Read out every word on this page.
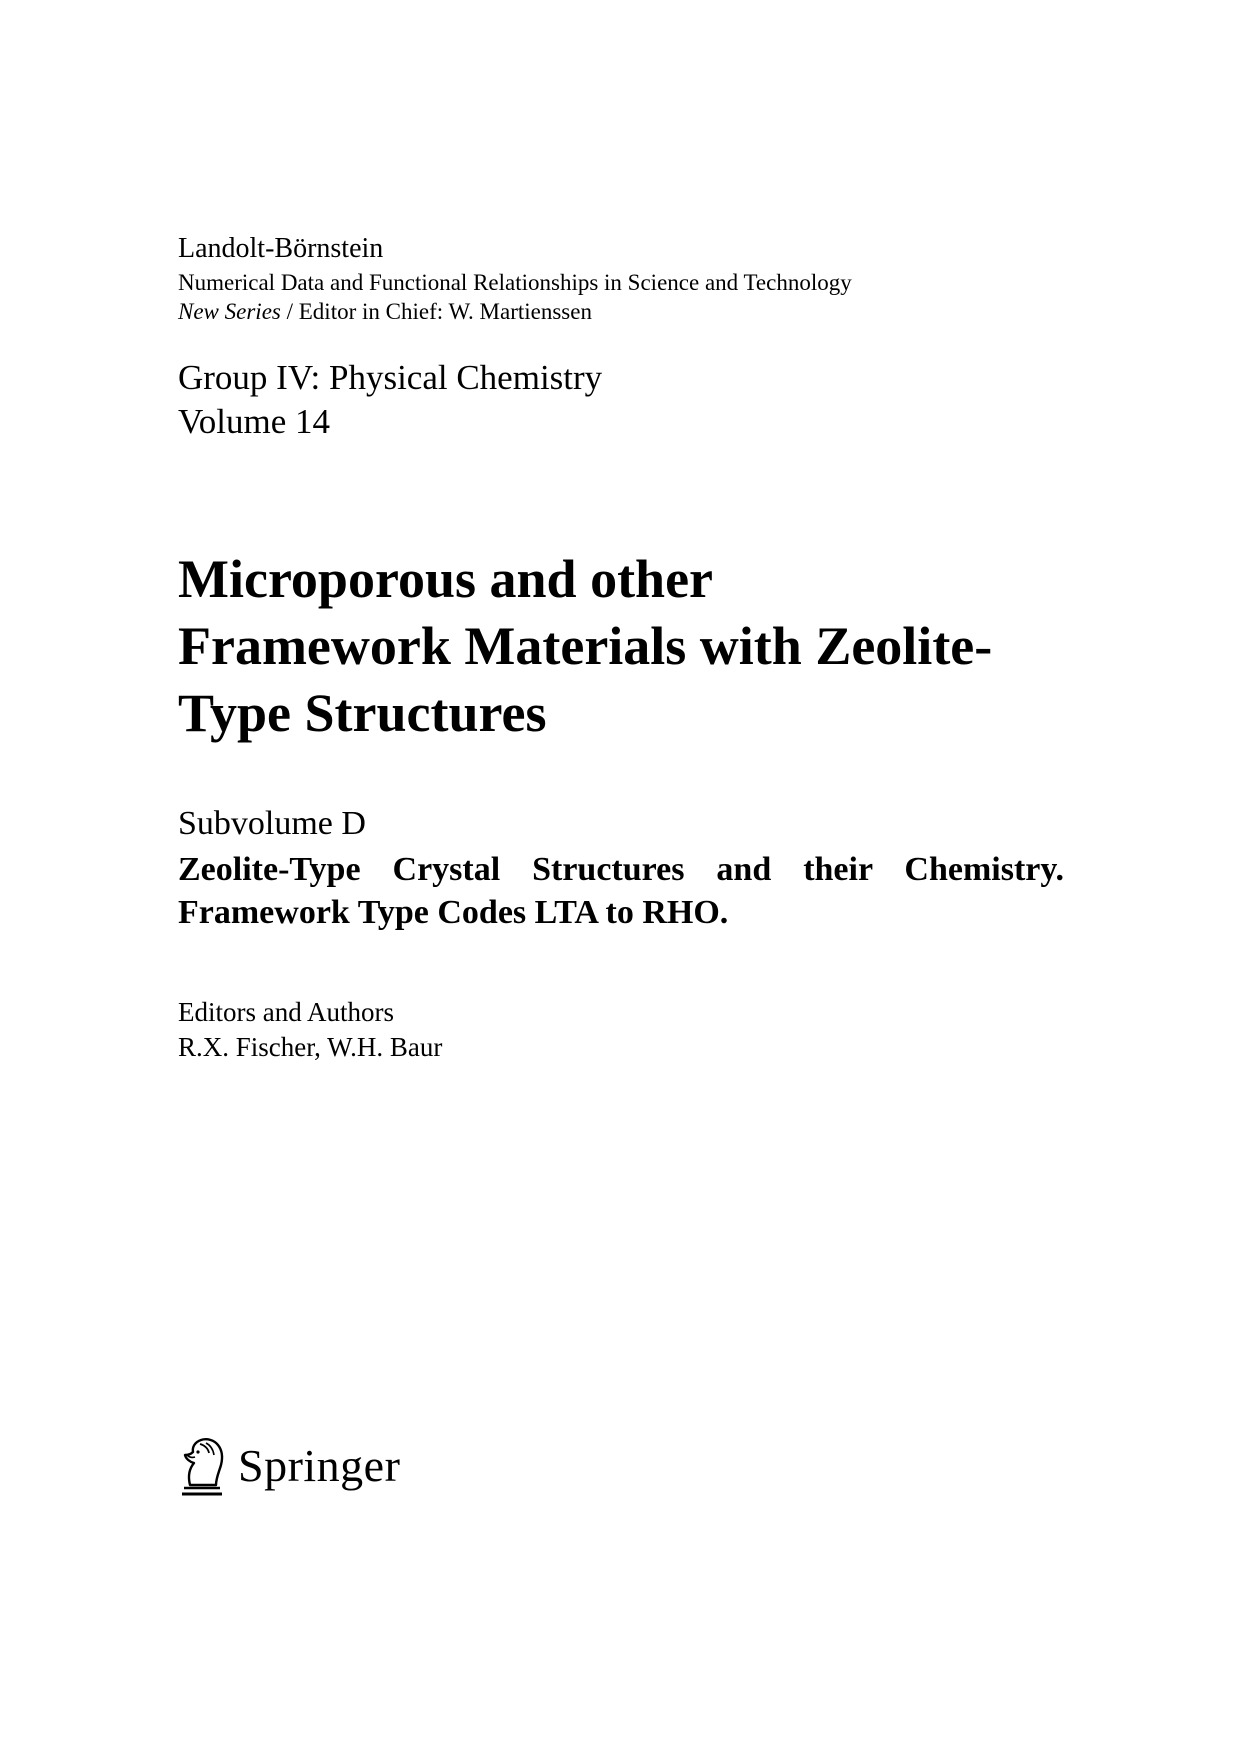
Landolt-Börnstein
Numerical Data and Functional Relationships in Science and Technology
New Series / Editor in Chief: W. Martienssen
Group IV: Physical Chemistry
Volume 14
Microporous and other
Framework Materials with Zeolite-
Type Structures
Subvolume D
Zeolite-Type Crystal Structures and their Chemistry.
Framework Type Codes LTA to RHO.
Editors and Authors
R.X. Fischer, W.H. Baur
Springer
